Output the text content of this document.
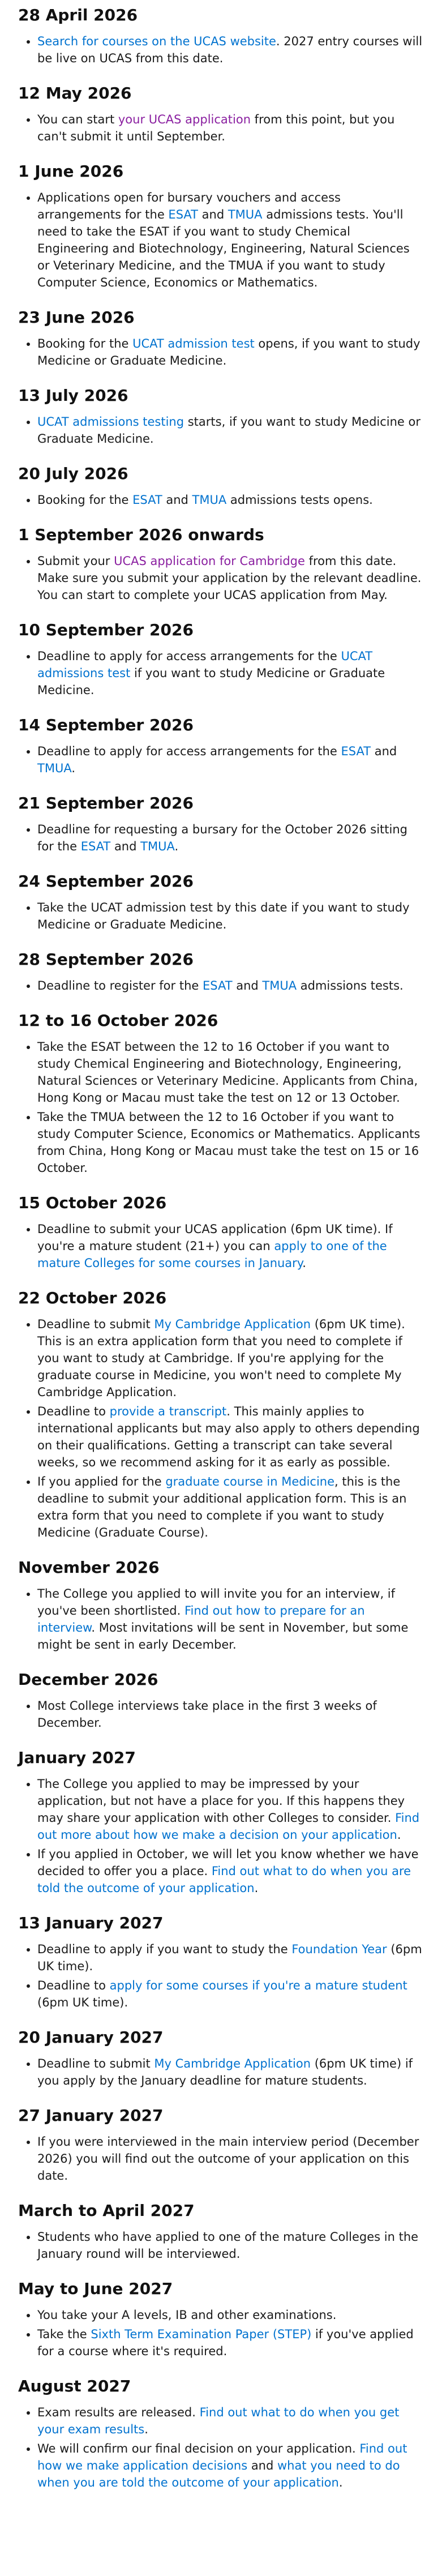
28 April 2026
• Search for courses on the UCAS website. 2027 entry courses will be live on UCAS from this date.
12 May 2026
• You can start your UCAS application from this point, but you can't submit it until September.
1 June 2026
• Applications open for bursary vouchers and access arrangements for the ESAT and TMUA admissions tests. You'll need to take the ESAT if you want to study Chemical Engineering and Biotechnology, Engineering, Natural Sciences or Veterinary Medicine, and the TMUA if you want to study Computer Science, Economics or Mathematics.
23 June 2026
• Booking for the UCAT admission test opens, if you want to study Medicine or Graduate Medicine.
13 July 2026
• UCAT admissions testing starts, if you want to study Medicine or Graduate Medicine.
20 July 2026
• Booking for the ESAT and TMUA admissions tests opens.
1 September 2026 onwards
• Submit your UCAS application for Cambridge from this date. Make sure you submit your application by the relevant deadline. You can start to complete your UCAS application from May.
10 September 2026
• Deadline to apply for access arrangements for the UCAT admissions test if you want to study Medicine or Graduate Medicine.
14 September 2026
• Deadline to apply for access arrangements for the ESAT and TMUA.
21 September 2026
• Deadline for requesting a bursary for the October 2026 sitting for the ESAT and TMUA.
24 September 2026
• Take the UCAT admission test by this date if you want to study Medicine or Graduate Medicine.
28 September 2026
• Deadline to register for the ESAT and TMUA admissions tests.
12 to 16 October 2026
• Take the ESAT between the 12 to 16 October if you want to study Chemical Engineering and Biotechnology, Engineering, Natural Sciences or Veterinary Medicine. Applicants from China, Hong Kong or Macau must take the test on 12 or 13 October.
• Take the TMUA between the 12 to 16 October if you want to study Computer Science, Economics or Mathematics. Applicants from China, Hong Kong or Macau must take the test on 15 or 16 October.
15 October 2026
• Deadline to submit your UCAS application (6pm UK time). If you're a mature student (21+) you can apply to one of the mature Colleges for some courses in January.
22 October 2026
• Deadline to submit My Cambridge Application (6pm UK time). This is an extra application form that you need to complete if you want to study at Cambridge. If you're applying for the graduate course in Medicine, you won't need to complete My Cambridge Application.
• Deadline to provide a transcript. This mainly applies to international applicants but may also apply to others depending on their qualifications. Getting a transcript can take several weeks, so we recommend asking for it as early as possible.
• If you applied for the graduate course in Medicine, this is the deadline to submit your additional application form. This is an extra form that you need to complete if you want to study Medicine (Graduate Course).
November 2026
• The College you applied to will invite you for an interview, if you've been shortlisted. Find out how to prepare for an interview. Most invitations will be sent in November, but some might be sent in early December.
December 2026
• Most College interviews take place in the first 3 weeks of December.
January 2027
• The College you applied to may be impressed by your application, but not have a place for you. If this happens they may share your application with other Colleges to consider. Find out more about how we make a decision on your application.
• If you applied in October, we will let you know whether we have decided to offer you a place. Find out what to do when you are told the outcome of your application.
13 January 2027
• Deadline to apply if you want to study the Foundation Year (6pm UK time).
• Deadline to apply for some courses if you're a mature student (6pm UK time).
20 January 2027
• Deadline to submit My Cambridge Application (6pm UK time) if you apply by the January deadline for mature students.
27 January 2027
• If you were interviewed in the main interview period (December 2026) you will find out the outcome of your application on this date.
March to April 2027
• Students who have applied to one of the mature Colleges in the January round will be interviewed.
May to June 2027
• You take your A levels, IB and other examinations.
• Take the Sixth Term Examination Paper (STEP) if you've applied for a course where it's required.
August 2027
• Exam results are released. Find out what to do when you get your exam results.
• We will confirm our final decision on your application. Find out how we make application decisions and what you need to do when you are told the outcome of your application.
